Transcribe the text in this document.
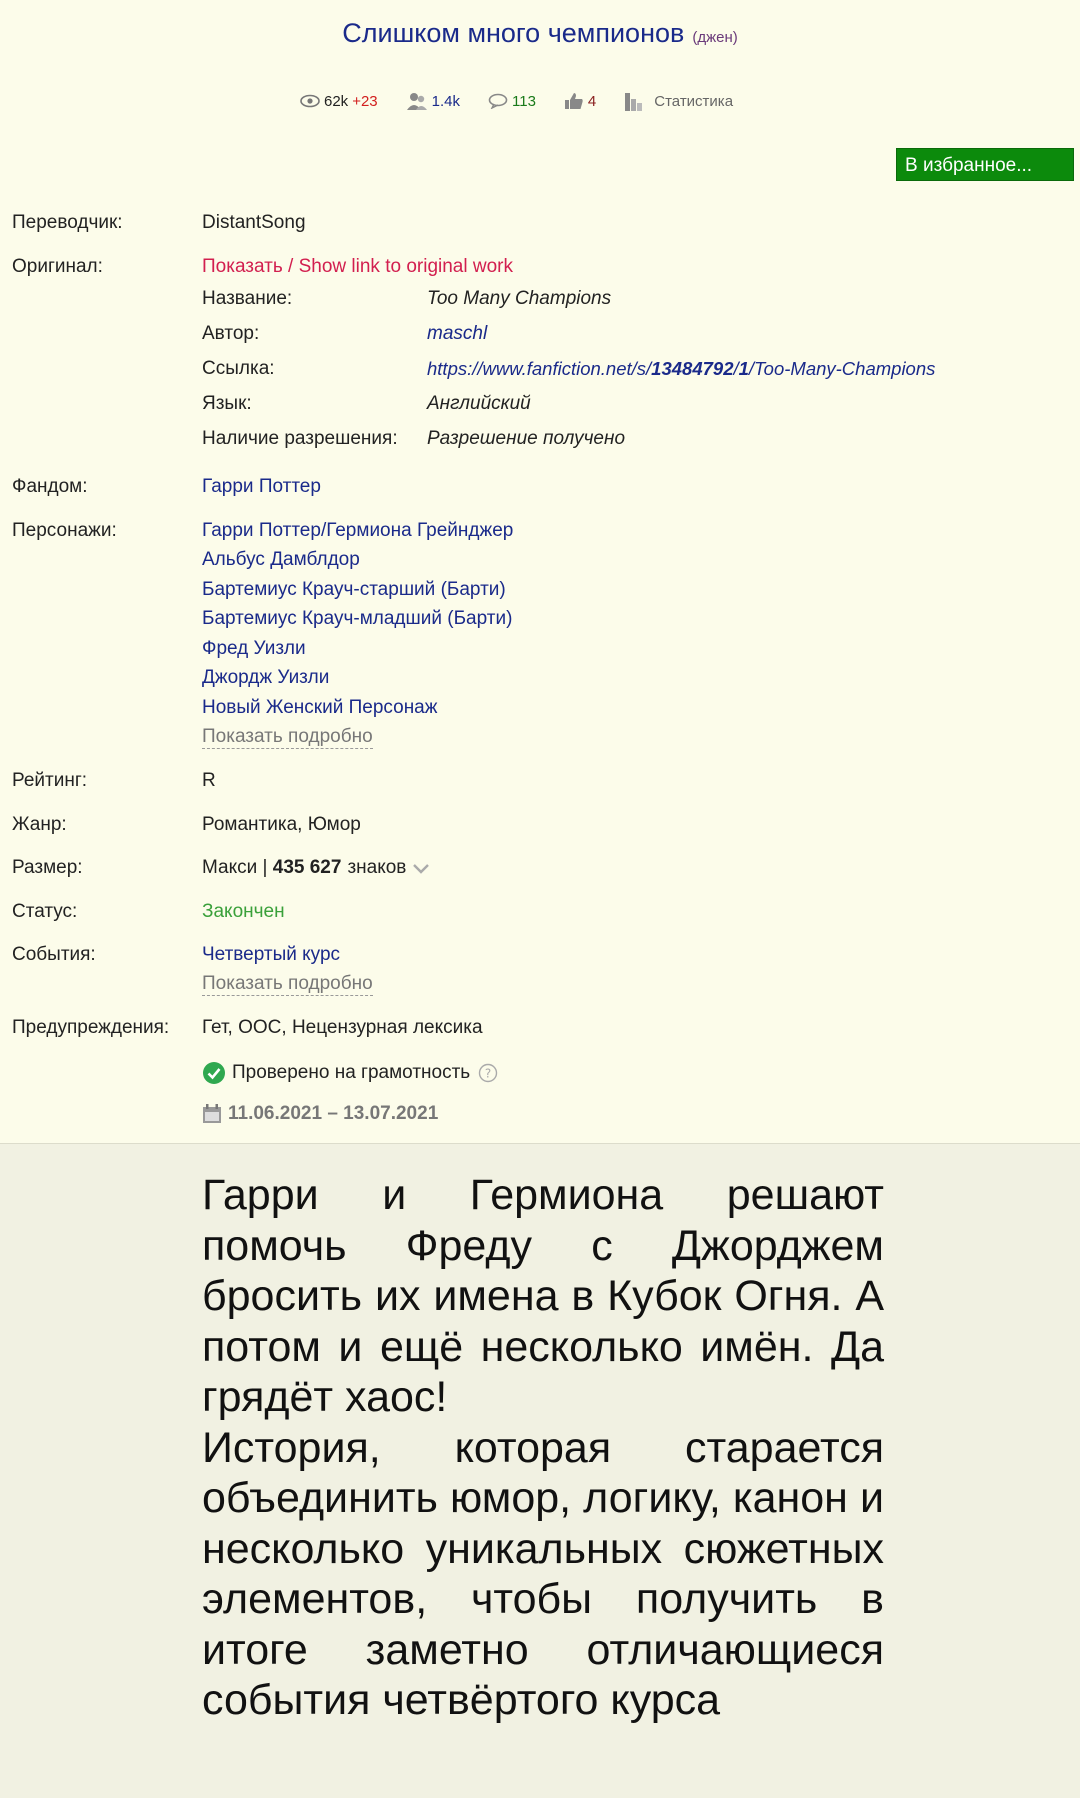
Слишком много чемпионов (джен)
62k +23	1.4k	113	4	Статистика
В избранное...
Переводчик:	DistantSong
Оригинал:	Показать / Show link to original work
Название:	Too Many Champions
Автор:	maschl
Ссылка:	https://www.fanfiction.net/s/13484792/1/Too-Many-Champions
Язык:	Английский
Наличие разрешения: Разрешение получено
Фандом:	Гарри Поттер
Персонажи:	Гарри Поттер/Гермиона Грейнджер
Альбус Дамблдор
Бартемиус Крауч-старший (Барти)
Бартемиус Крауч-младший (Барти)
Фред Уизли
Джордж Уизли
Новый Женский Персонаж
Показать подробно
Рейтинг:	R
Жанр:	Романтика, Юмор
Размер:	Макси | 435 627 знаков
Статус:	Закончен
События:	Четвертый курс
Показать подробно
Предупреждения: Гет, ООС, Нецензурная лексика
Проверено на грамотность ?
11.06.2021 – 13.07.2021

Гарри и Гермиона решают помочь Фреду с Джорджем бросить их имена в Кубок Огня. А потом и ещё несколько имён. Да грядёт хаос!

История, которая старается объединить юмор, логику, канон и несколько уникальных сюжетных элементов, чтобы получить в итоге заметно отличающиеся события четвёртого курса
